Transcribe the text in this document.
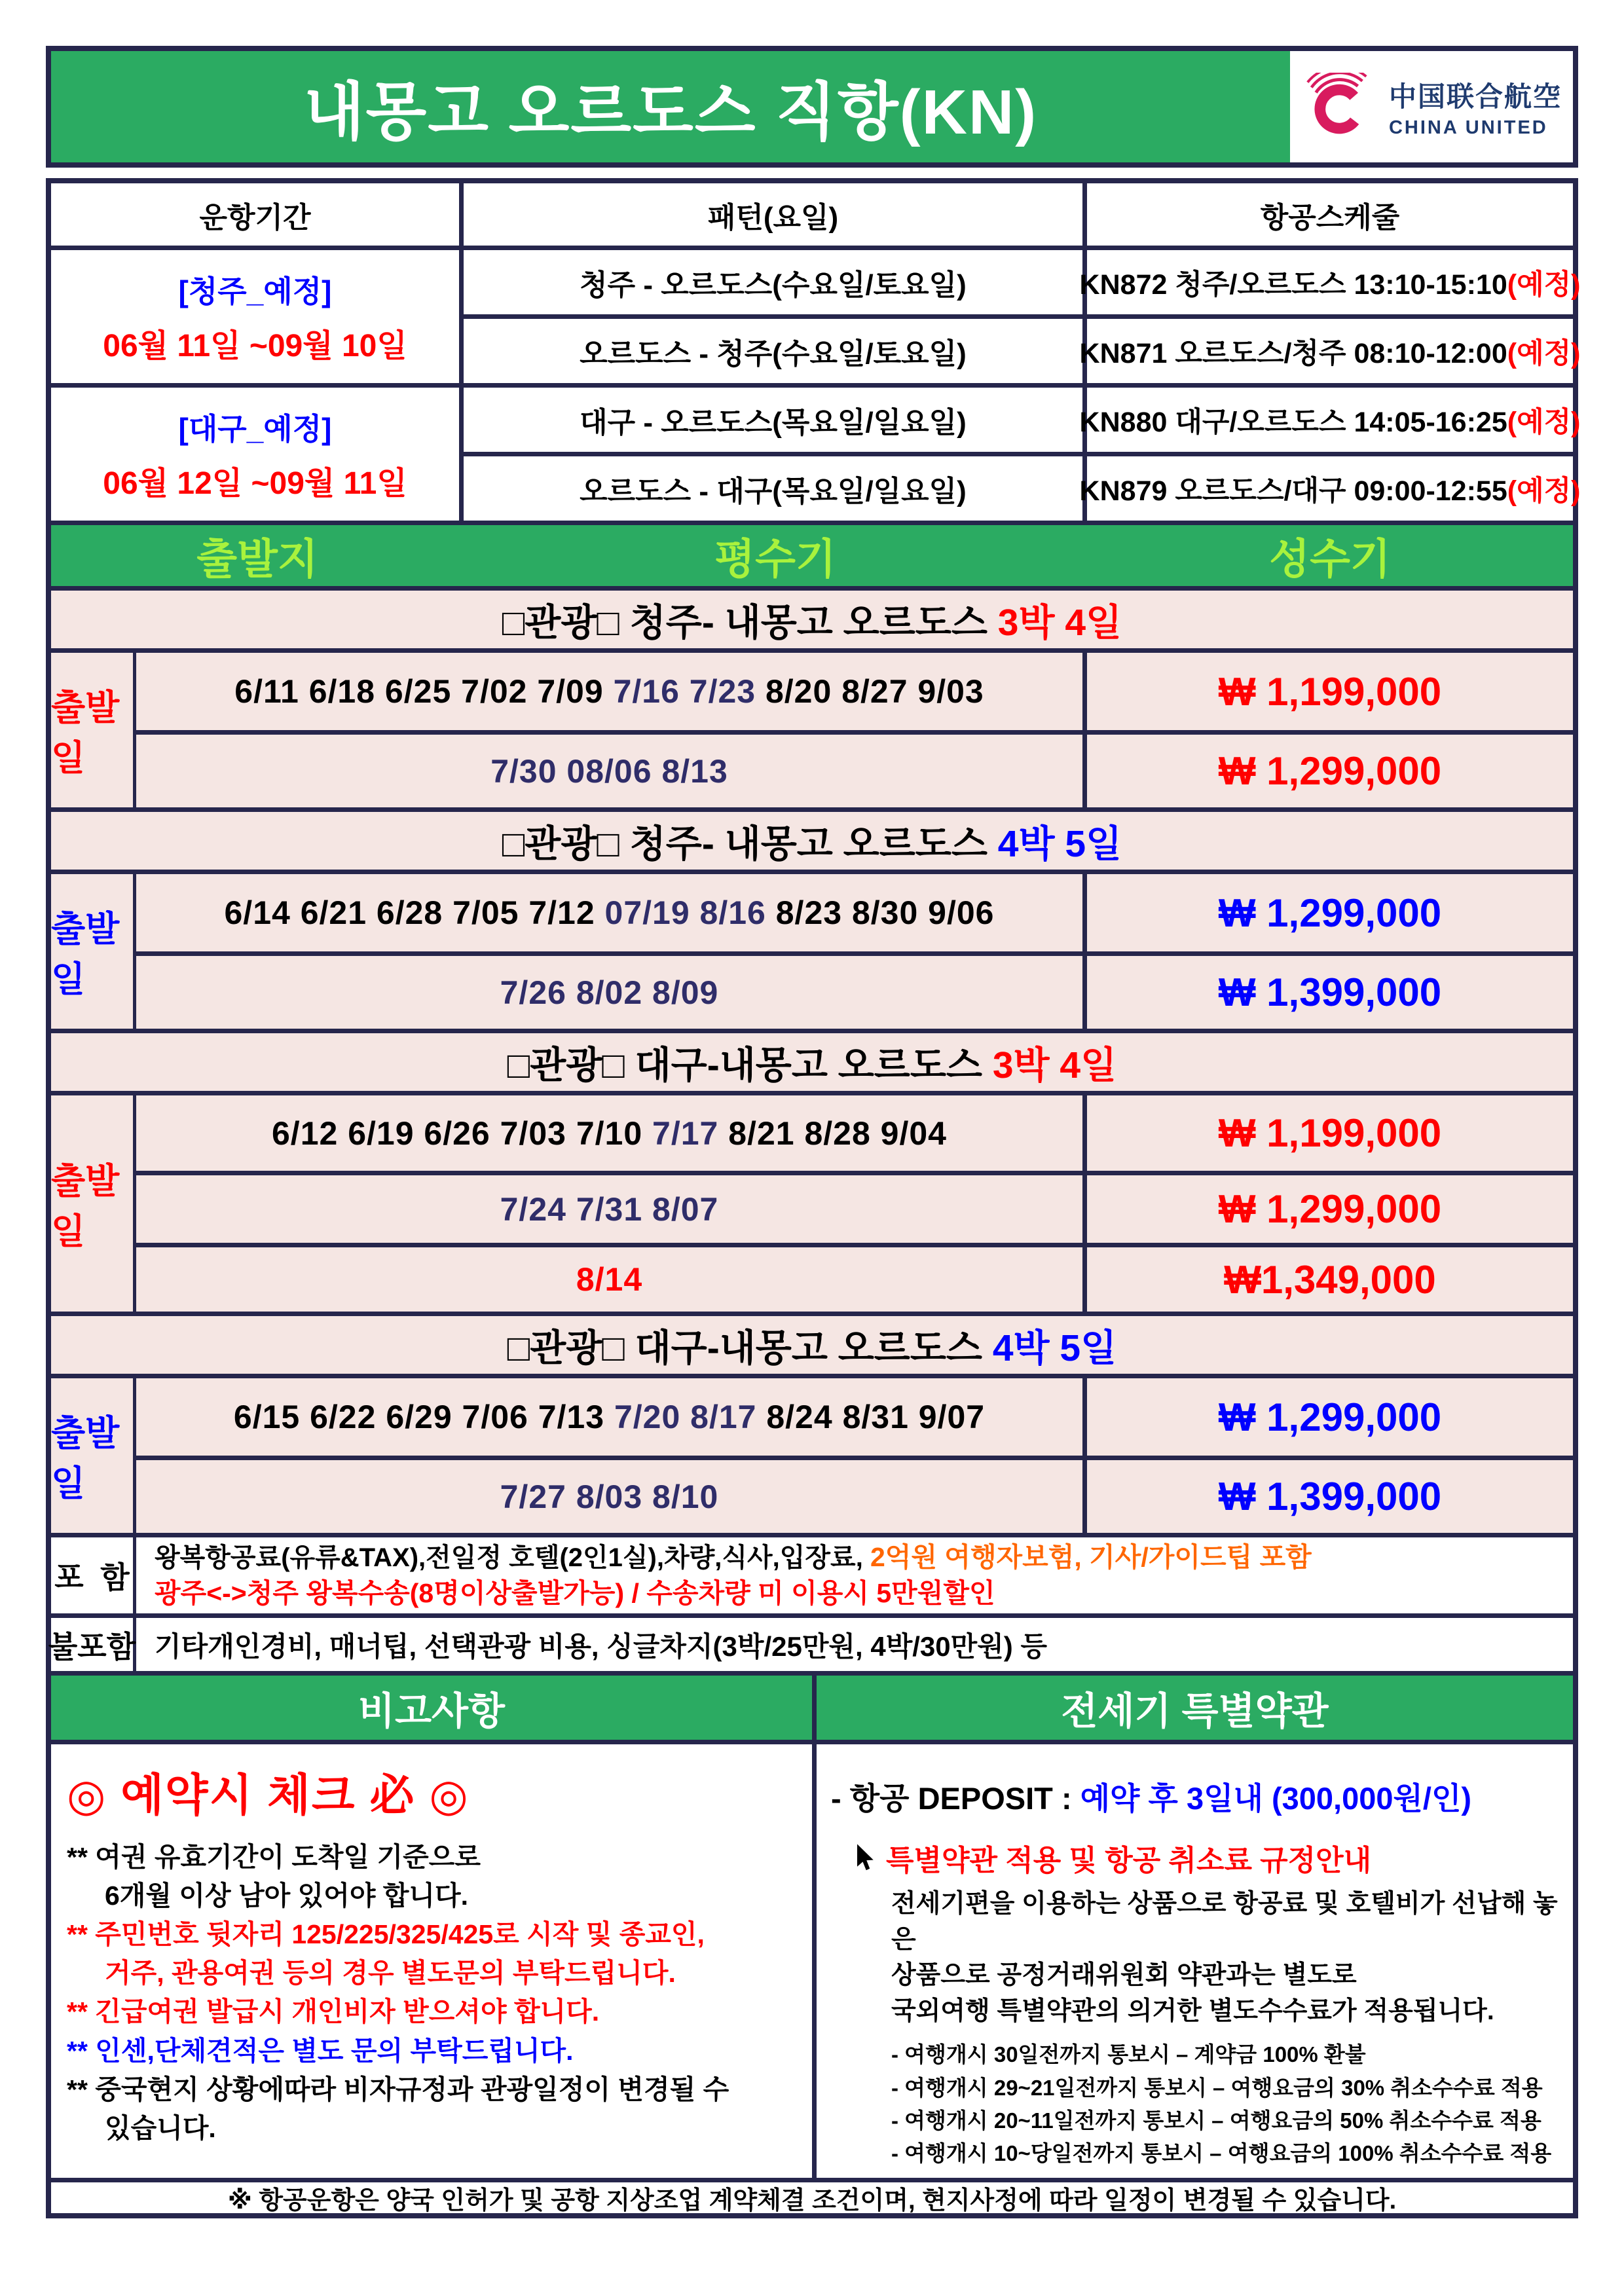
내몽고 오르도스 직항(KN)	中国联合航空
CHINA UNITED
운항기간	패턴(요일)	항공스케줄
[청주_예정]
06월 11일 ~09월 10일
청주 - 오르도스(수요일/토요일)	KN872 청주/오르도스 13:10-15:10 (예정)
오르도스 - 청주(수요일/토요일)	KN871 오르도스/청주 08:10-12:00 (예정)
[대구_예정]
06월 12일 ~09월 11일
대구 - 오르도스(목요일/일요일)	KN880 대구/오르도스 14:05-16:25 (예정)
오르도스 - 대구(목요일/일요일)	KN879 오르도스/대구 09:00-12:55 (예정)
출발지	평수기	성수기
□관광□ 청주- 내몽고 오르도스 3박 4일
출발일
6/11 6/18 6/25 7/02 7/09 7/16 7/23 8/20 8/27 9/03	₩ 1,199,000
7/30 08/06 8/13	₩ 1,299,000
□관광□ 청주- 내몽고 오르도스 4박 5일
출발일
6/14 6/21 6/28 7/05 7/12 07/19 8/16 8/23 8/30 9/06	₩ 1,299,000
7/26 8/02 8/09	₩ 1,399,000
□관광□ 대구-내몽고 오르도스 3박 4일
출발일
6/12 6/19 6/26 7/03 7/10 7/17 8/21 8/28 9/04	₩ 1,199,000
7/24 7/31 8/07	₩ 1,299,000
8/14	₩1,349,000
□관광□ 대구-내몽고 오르도스 4박 5일
출발일
6/15 6/22 6/29 7/06 7/13 7/20 8/17 8/24 8/31 9/07	₩ 1,299,000
7/27 8/03 8/10	₩ 1,399,000
포  함
왕복항공료(유류&TAX),전일정 호텔(2인1실),차량,식사,입장료, 2억원 여행자보험, 기사/가이드팁 포함
광주<->청주 왕복수송(8명이상출발가능) / 수송차량 미 이용시 5만원할인
불포함 기타개인경비, 매너팁, 선택관광 비용, 싱글차지(3박/25만원, 4박/30만원) 등
비고사항
◎ 예약시 체크 必 ◎
** 여권 유효기간이 도착일 기준으로
6개월 이상 남아 있어야 합니다.
** 주민번호 뒷자리 125/225/325/425로 시작 및 종교인,
거주, 관용여권 등의 경우 별도문의 부탁드립니다.
** 긴급여권 발급시 개인비자 받으셔야 합니다.
** 인센,단체견적은 별도 문의 부탁드립니다.
** 중국현지 상황에따라 비자규정과 관광일정이 변경될 수
있습니다.
전세기 특별약관
- 항공 DEPOSIT : 예약 후 3일내 (300,000원/인)
특별약관 적용 및 항공 취소료 규정안내
전세기편을 이용하는 상품으로 항공료 및 호텔비가 선납해 놓은
상품으로 공정거래위원회 약관과는 별도로
국외여행 특별약관의 의거한 별도수수료가 적용됩니다.
- 여행개시 30일전까지 통보시 – 계약금 100% 환불
- 여행개시 29~21일전까지 통보시 – 여행요금의 30% 취소수수료 적용
- 여행개시 20~11일전까지 통보시 – 여행요금의 50% 취소수수료 적용
- 여행개시 10~당일전까지 통보시 – 여행요금의 100% 취소수수료 적용
※ 항공운항은 양국 인허가 및 공항 지상조업 계약체결 조건이며, 현지사정에 따라 일정이 변경될 수 있습니다.
